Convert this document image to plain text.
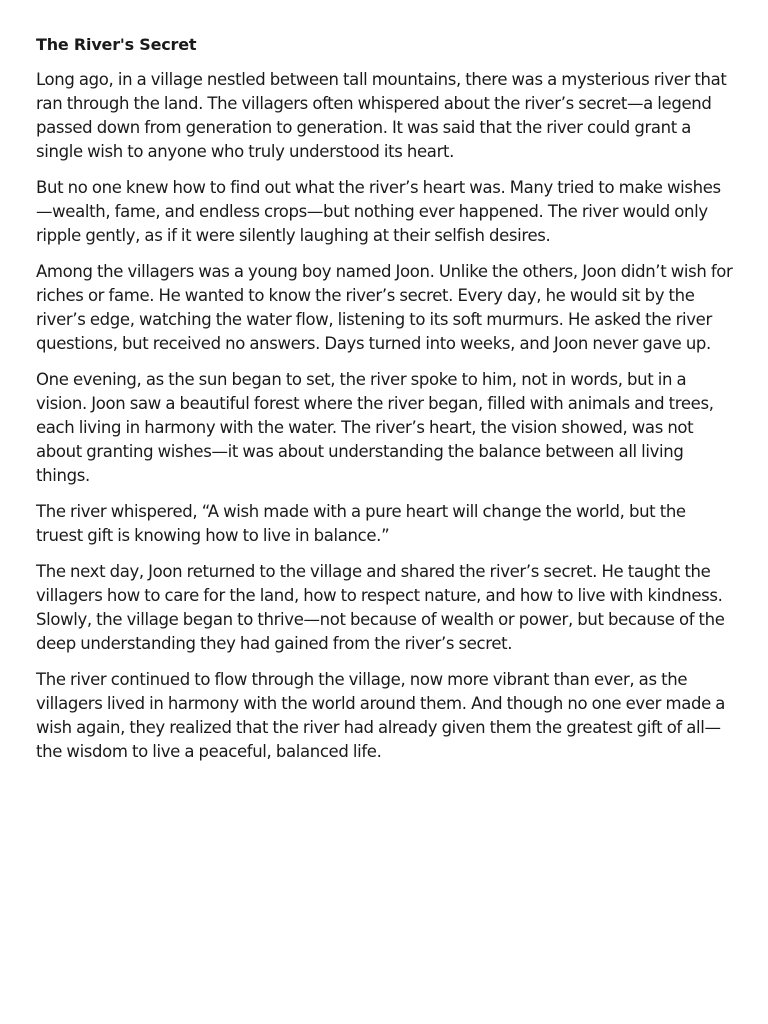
The River's Secret

Long ago, in a village nestled between tall mountains, there was a mysterious river that ran through the land. The villagers often whispered about the river’s secret—a legend passed down from generation to generation. It was said that the river could grant a single wish to anyone who truly understood its heart.

But no one knew how to find out what the river’s heart was. Many tried to make wishes—wealth, fame, and endless crops—but nothing ever happened. The river would only ripple gently, as if it were silently laughing at their selfish desires.

Among the villagers was a young boy named Joon. Unlike the others, Joon didn’t wish for riches or fame. He wanted to know the river’s secret. Every day, he would sit by the river’s edge, watching the water flow, listening to its soft murmurs. He asked the river questions, but received no answers. Days turned into weeks, and Joon never gave up.

One evening, as the sun began to set, the river spoke to him, not in words, but in a vision. Joon saw a beautiful forest where the river began, filled with animals and trees, each living in harmony with the water. The river’s heart, the vision showed, was not about granting wishes—it was about understanding the balance between all living things.

The river whispered, “A wish made with a pure heart will change the world, but the truest gift is knowing how to live in balance.”

The next day, Joon returned to the village and shared the river’s secret. He taught the villagers how to care for the land, how to respect nature, and how to live with kindness. Slowly, the village began to thrive—not because of wealth or power, but because of the deep understanding they had gained from the river’s secret.

The river continued to flow through the village, now more vibrant than ever, as the villagers lived in harmony with the world around them. And though no one ever made a wish again, they realized that the river had already given them the greatest gift of all—the wisdom to live a peaceful, balanced life.
